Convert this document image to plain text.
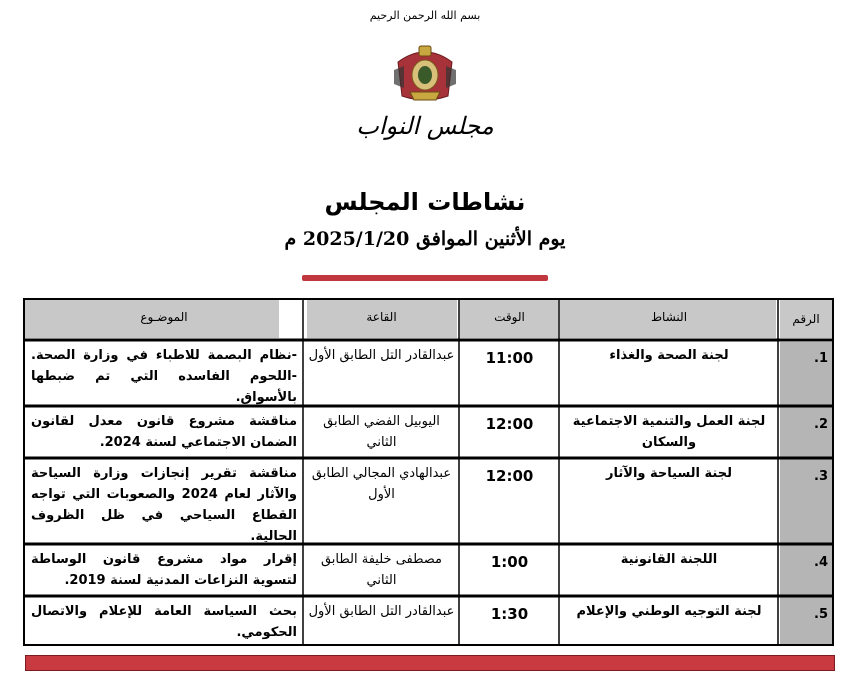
بسم الله الرحمن الرحيم
مجلس النواب
نشاطات المجلس
يوم الأثنين الموافق 2025/1/20 م
الرقم
النشاط
الوقت
القاعة
الموضـوع
1.
لجنة الصحة والغذاء
11:00
عبدالقادر التل الطابق الأول
-نظام البصمة للاطباء في وزارة الصحة. -اللحوم الفاسده التي تم ضبطها بالأسواق.
2.
لجنة العمل والتنمية الاجتماعية والسكان
12:00
اليوبيل الفضي الطابق الثاني
مناقشة مشروع قانون معدل لقانون الضمان الاجتماعي لسنة 2024.
3.
لجنة السياحة والآثار
12:00
عبدالهادي المجالي الطابق الأول
مناقشة تقرير إنجازات وزارة السياحة والآثار لعام 2024 والصعوبات التي تواجه القطاع السياحي في ظل الظروف الحالية.
4.
اللجنة القانونية
1:00
مصطفى خليفة الطابق الثاني
إقرار مواد مشروع قانون الوساطة لتسوية النزاعات المدنية لسنة 2019.
5.
لجنة التوجيه الوطني والإعلام
1:30
عبدالقادر التل الطابق الأول
بحث السياسة العامة للإعلام والاتصال الحكومي.
